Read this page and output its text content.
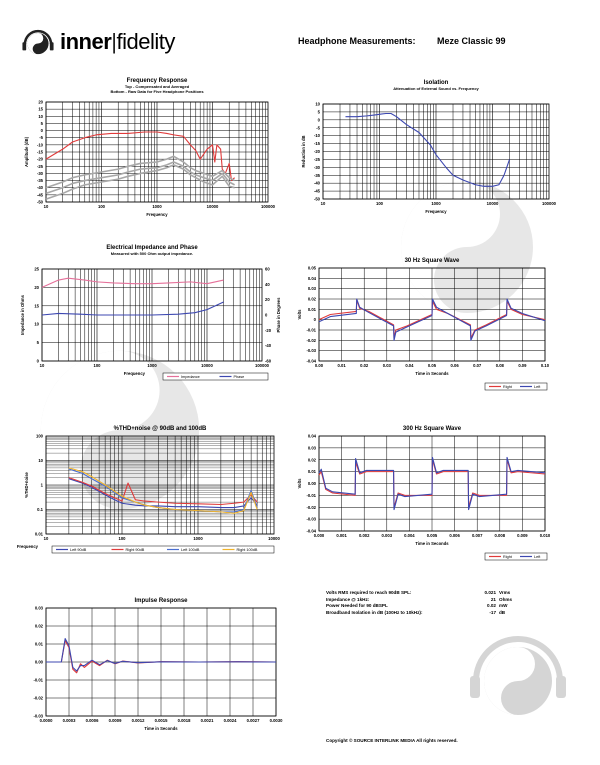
inner|fidelity	Headphone Measurements: Meze Classic 99
Frequency Response
Top - Compensated and Averaged
Bottom - Raw Data for Five Headphone Positions
10	100	1000	10000	100000
20
15
10
5
0
-5
-10
-15
-20
-25
-30
-35
-40
-45
-50
Frequency
Amplitude (dB)
Isolation
Attenuation of External Sound vs. Frequency
10	100	1000	10000	100000
10
5
0
-5
-10
-15
-20
-25
-30
-35
-40
-45
-50
Frequency
Reduction in dB
Electrical Impedance and Phase
Measured with 500 Ohm output impedance.
10	100	1000	10000	100000
25
20
15
10
5
0
60
40
20
0
-20
-40
-60
Frequency
Impedance in Ohms	Phase in Degrees
Impedance	Phase
30 Hz Square Wave
0.00	0.01	0.02	0.03	0.04	0.05	0.06	0.07	0.08	0.09	0.10
0.05
0.04
0.03
0.02
0.01
0
-0.01
-0.02
-0.03
-0.04
Time in Seconds
Volts
Right	Left
%THD+noise @ 90dB and 100dB
10	100	1000	10000
100
10
1
0.1
0.01
Frequency
%THD+noise
Left 90dB	Right 90dB	Left 100dB	Right 100dB
300 Hz Square Wave
0.000	0.001	0.002	0.003	0.004	0.005	0.006	0.007	0.008	0.009	0.010
0.04
0.03
0.02
0.01
0.00
-0.01
-0.02
-0.03
-0.04
Time in Seconds
Volts
Right	Left
Impulse Response
0.0000 0.0003 0.0006 0.0009 0.0012 0.0015 0.0018 0.0021 0.0024 0.0027 0.0030
0.03
0.02
0.01
0.00
-0.01
-0.02
-0.03
Time in Seconds
Volts RMS required to reach 90dB SPL:	0.021 Vrms
Impedance @ 1kHz:	21 Ohms
Power Needed for 90 dBSPL	0.02 mW
Broadband Isolation in dB (100Hz to 10kHz):	-17 dB
Copyright © SOURCE INTERLINK MEDIA All rights reserved.
